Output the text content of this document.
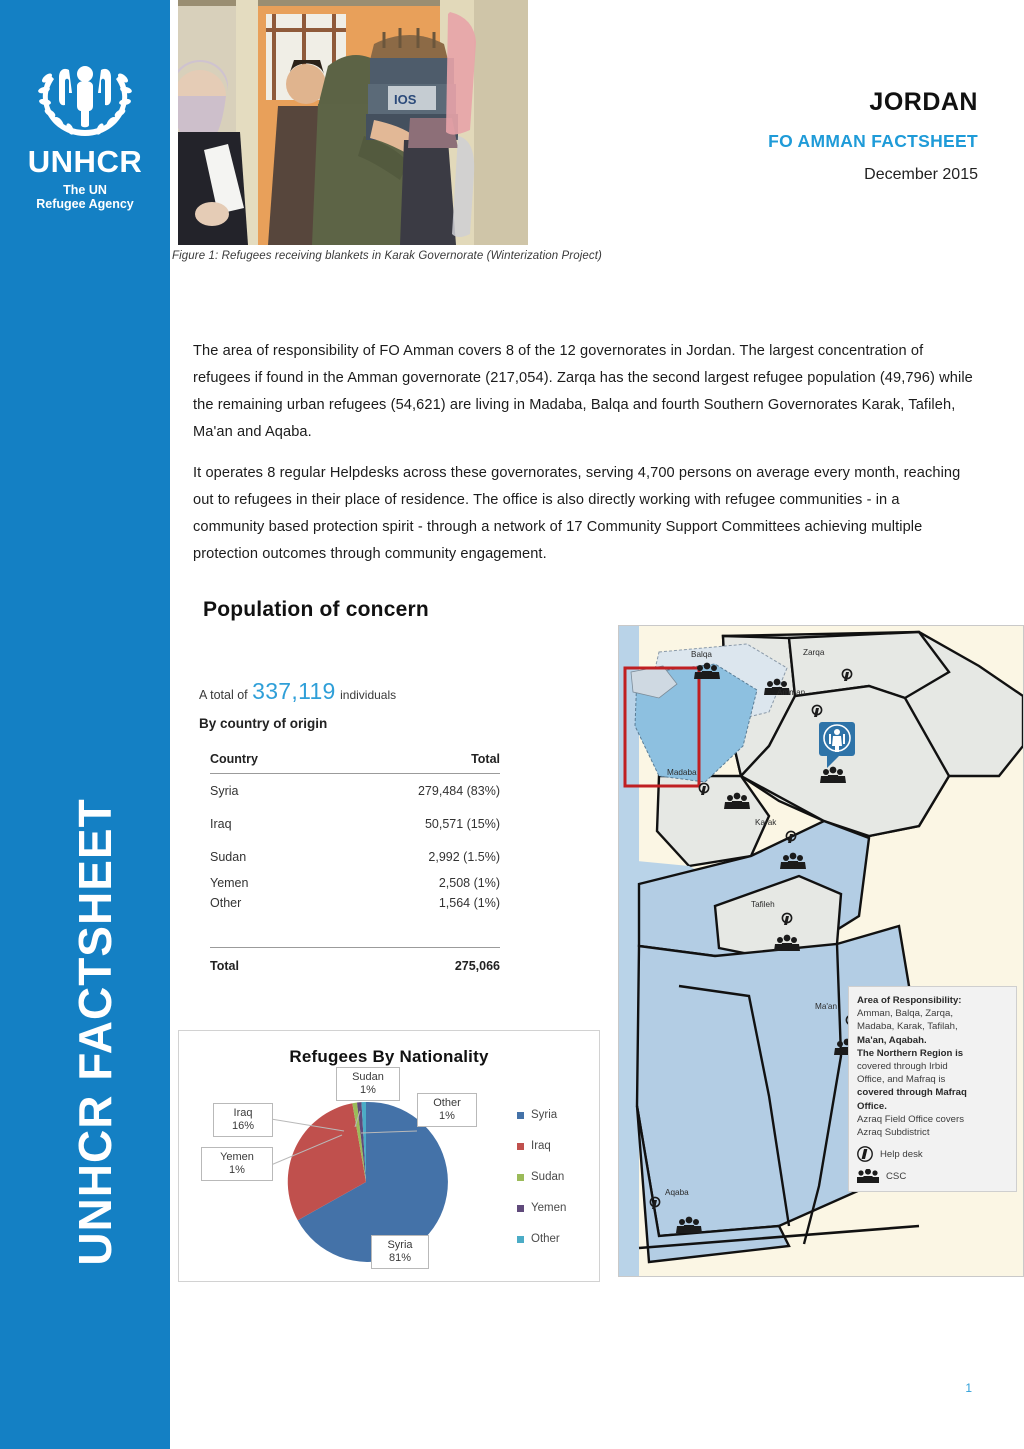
UNHCR
The UN
Refugee Agency
UNHCR FACTSHEET
IOS
Figure 1: Refugees receiving blankets in Karak Governorate (Winterization Project)
JORDAN
FO AMMAN FACTSHEET
December 2015

The area of responsibility of FO Amman covers 8 of the 12 governorates in Jordan. The largest concentration of refugees if found in the Amman governorate (217,054). Zarqa has the second largest refugee population (49,796) while the remaining urban refugees (54,621) are living in Madaba, Balqa and fourth Southern Governorates Karak, Tafileh, Ma'an and Aqaba.

It operates 8 regular Helpdesks across these governorates, serving 4,700 persons on average every month, reaching out to refugees in their place of residence. The office is also directly working with refugee communities - in a community based protection spirit - through a network of 17 Community Support Committees achieving multiple protection outcomes through community engagement.

Population of concern
A total of 337,119 individuals
By country of origin
Country	Total
Syria	279,484 (83%)
Iraq	50,571 (15%)
Sudan	2,992 (1.5%)
Yemen	2,508 (1%)
Other	1,564 (1%)

Total	275,066
Refugees By Nationality
Iraq
16%
Yemen
1%
Sudan
1%
Other
1%
Syria
81%
Syria
Iraq
Sudan
Yemen
Other
Balqa	Zarqa
Amman
Madaba
Karak
Tafileh
Ma'an
Aqaba
Area of Responsibility:
Amman, Balqa, Zarqa,
Madaba, Karak, Tafilah,
Ma'an, Aqabah.
The Northern Region is
covered through Irbid
Office, and Mafraq is
covered through Mafraq
Office.
Azraq Field Office covers
Azraq Subdistrict
Help desk
CSC
1
